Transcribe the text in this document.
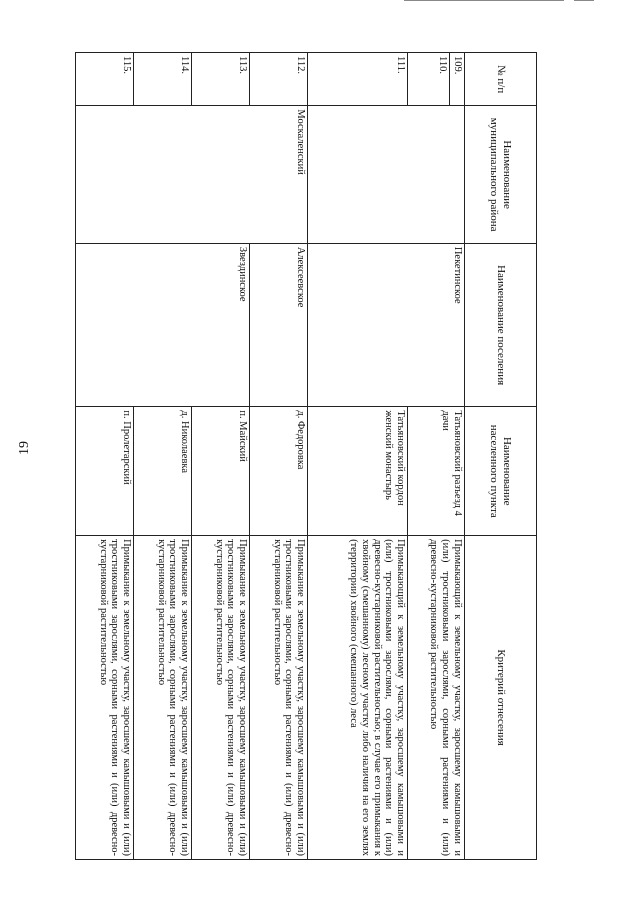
19
№ п/п	Наименование муниципального района	Наименование поселения	Наименование населенного пункта	Критерий отнесения
109.		Пекетинское	Татьяновский разъезд 4 дачи	Примыкающий к земельному участку, заросшему камышовыми и (или) тростниковыми зарослями, сорными растениями и (или) древесно-кустарниковой растительностью
110.				
111.			Татьяновский кордон женский монастырь	Примыкающий к земельному участку, заросшему камышовыми и (или) тростниковыми зарослями, сорными растениями и (или) древесно-кустарниковой растительностью; в случае его примыкания к хвойному (смешанному) лесному участку либо наличия на его землях (территории) хвойного (смешанного) леса
112.	Москаленский	Алексеевское	д. Федоровка	Примыкание к земельному участку, заросшему камышовыми и (или) тростниковыми зарослями, сорными растениями и (или) древесно-кустарниковой растительностью
113.		Звездинское	п. Майский	Примыкание к земельному участку, заросшему камышовыми и (или) тростниковыми зарослями, сорными растениями и (или) древесно-кустарниковой растительностью
114.			д. Николаевка	Примыкание к земельному участку, заросшему камышовыми и (или) тростниковыми зарослями, сорными растениями и (или) древесно-кустарниковой растительностью
115.			п. Пролетарский	Примыкание к земельному участку, заросшему камышовыми и (или) тростниковыми зарослями, сорными растениями и (или) древесно-кустарниковой растительностью
